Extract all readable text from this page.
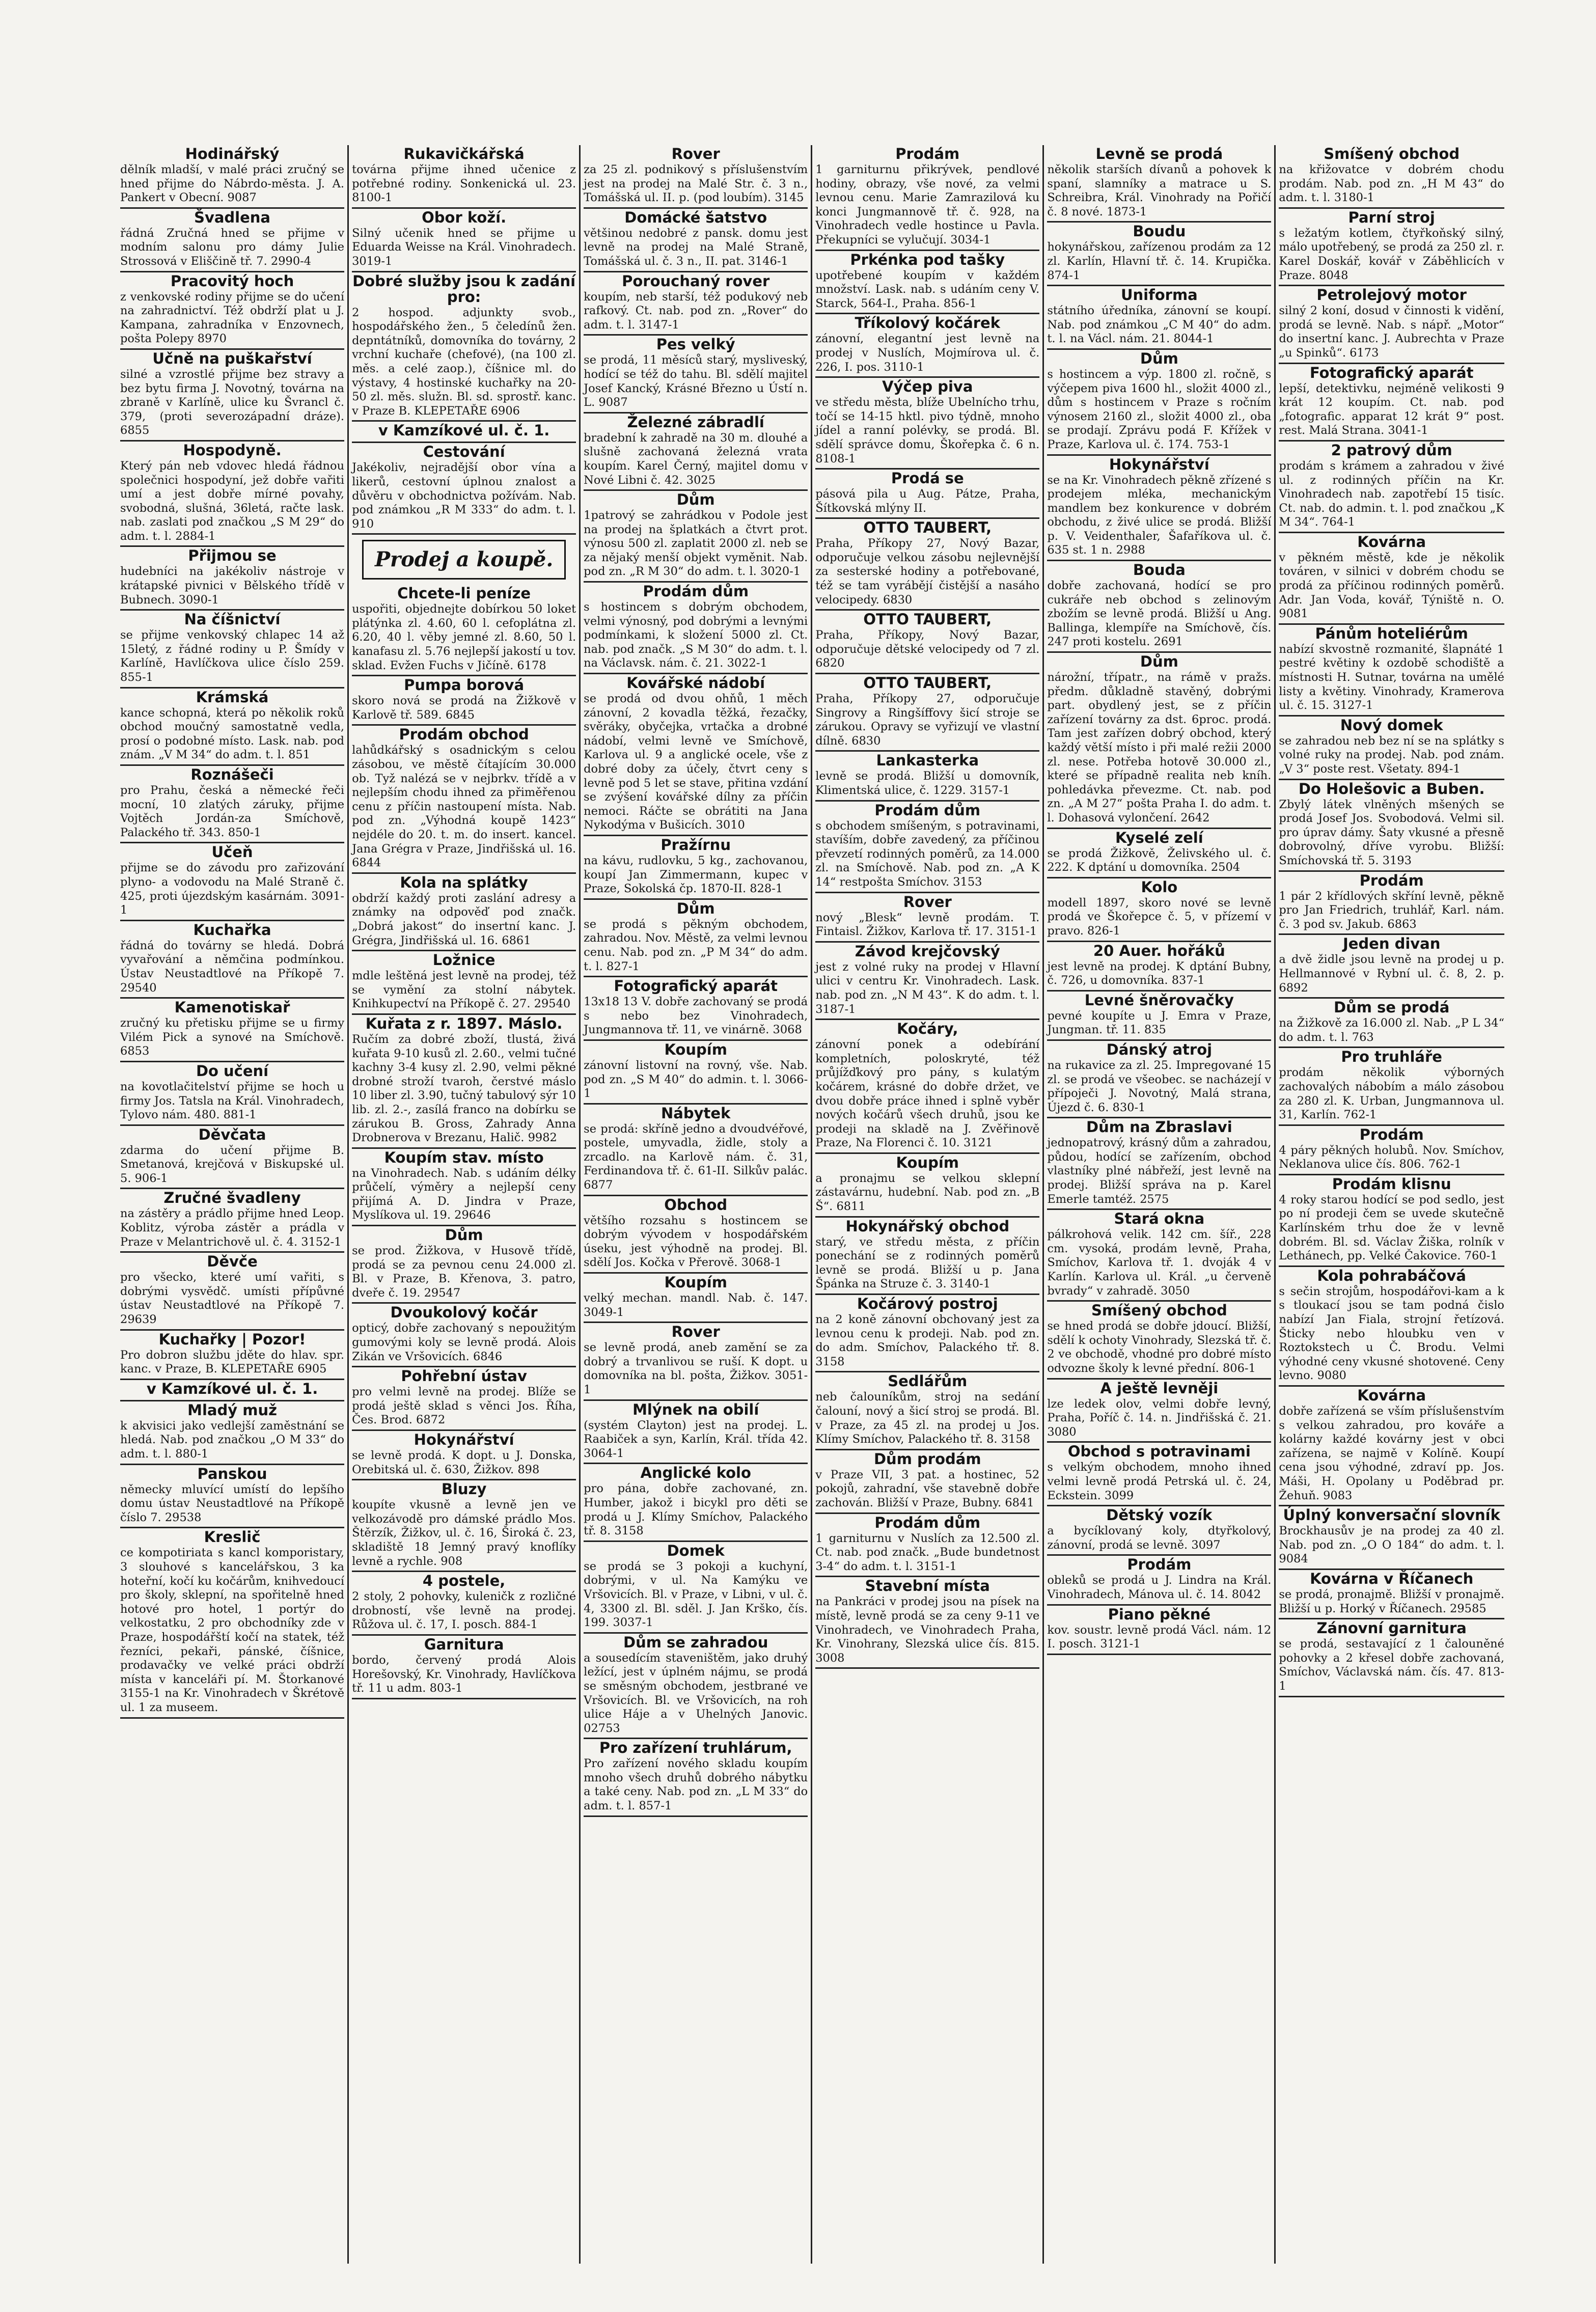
Hodinářský
dělník mladší, v malé práci zručný se hned přijme do Nábrdo-města. J. A. Pankert v Obecní. 9087
Švadlena
řádná Zručná hned se přijme v modním salonu pro dámy Julie Strossová v Eliščině tř. 7. 2990-4
Pracovitý hoch
z venkovské rodiny přijme se do učení na zahradnictví. Též obdrží plat u J. Kampana, zahradníka v Enzovnech, pošta Polepy 8970
Učně na puškařství
silné a vzrostlé přijme bez stravy a bez bytu firma J. Novotný, továrna na zbraně v Karlíně, ulice ku Švrancl č. 379, (proti severozápadní dráze). 6855
Hospodyně.
Který pán neb vdovec hledá řádnou společnici hospodyní, jež dobře vařiti umí a jest dobře mírné povahy, svobodná, slušná, 36letá, račte lask. nab. zaslati pod značkou „S M 29“ do adm. t. l. 2884-1
Přijmou se
hudebníci na jakékoliv nástroje v krátapské pivnici v Bělského třídě v Bubnech. 3090-1
Na číšnictví
se přijme venkovský chlapec 14 až 15letý, z řádné rodiny u P. Šmídy v Karlíně, Havlíčkova ulice číslo 259. 855-1
Krámská
kance schopná, která po několik roků obchod moučný samostatně vedla, prosí o podobné místo. Lask. nab. pod znám. „V M 34“ do adm. t. l. 851
Roznášeči
pro Prahu, česká a německé řeči mocní, 10 zlatých záruky, přijme Vojtěch Jordán-za Smíchově, Palackého tř. 343. 850-1
Učeň
přijme se do závodu pro zařizování plyno- a vodovodu na Malé Straně č. 425, proti újezdským kasárnám. 3091-1
Kuchařka
řádná do továrny se hledá. Dobrá vyvařování a němčina podmínkou. Ústav Neustadtlové na Příkopě 7. 29540
Kamenotiskař
zručný ku přetisku přijme se u firmy Vilém Pick a synové na Smíchově. 6853
Do učení
na kovotlačitelství přijme se hoch u firmy Jos. Tatsla na Král. Vinohradech, Tylovo nám. 480. 881-1
Děvčata
zdarma do učení přijme B. Smetanová, krejčová v Biskupské ul. 5. 906-1
Zručné švadleny
na zástěry a prádlo přijme hned Leop. Koblitz, výroba zástěr a prádla v Praze v Melantrichově ul. č. 4. 3152-1
Děvče
pro všecko, které umí vařiti, s dobrými vysvědč. umísti přípůvné ústav Neustadtlové na Příkopě 7. 29639
Kuchařky | Pozor!
Pro dobron službu jděte do hlav. spr. kanc. v Praze, B. KLEPETAŘE 6905
v Kamzíkové ul. č. 1.
Mladý muž
k akvisici jako vedlejší zaměstnání se hledá. Nab. pod značkou „O M 33“ do adm. t. l. 880-1
Panskou
německy mluvící umístí do lepšího domu ústav Neustadtlové na Příkopě číslo 7. 29538
Kreslič
ce kompotiriata s kancl komporistary, 3 slouhové s kancelářskou, 3 ka hoteřní, kočí ku kočárům, knihvedoucí pro školy, sklepní, na spořitelně hned hotové pro hotel, 1 portýr do velkostatku, 2 pro obchodníky zde v Praze, hospodářští kočí na statek, též řezníci, pekaři, pánské, číšnice, prodavačky ve velké práci obdrží místa v kanceláři pí. M. Štorkanové 3155-1 na Kr. Vinohradech v Škrétově ul. 1 za museem.
Rukavičkářská
továrna přijme ihned učenice z potřebné rodiny. Sonkenická ul. 23. 8100-1
Obor koží.
Silný učenik hned se přijme u Eduarda Weisse na Král. Vinohradech. 3019-1
Dobré služby jsou k zadání pro:
2 hospod. adjunkty svob., hospodářského žen., 5 čeledínů žen. depntátníků, domovníka do továrny, 2 vrchní kuchaře (chefové), (na 100 zl. měs. a celé zaop.), číšnice ml. do výstavy, 4 hostinské kuchařky na 20-50 zl. měs. služn. Bl. sd. sprostř. kanc. v Praze B. KLEPETAŘE 6906
v Kamzíkové ul. č. 1.
Cestování
Jakékoliv, nejradější obor vína a likerů, cestovní úplnou znalost a důvěru v obchodnictva požívám. Nab. pod známkou „R M 333“ do adm. t. l. 910
Prodej a koupě.
Chcete-li peníze
uspořiti, objednejte dobírkou 50 loket plátýnka zl. 4.60, 60 l. cefoplátna zl. 6.20, 40 l. věby jemné zl. 8.60, 50 l. kanafasu zl. 5.76 nejlepší jakostí u tov. sklad. Evžen Fuchs v Jičíně. 6178
Pumpa borová
skoro nová se prodá na Žižkově v Karlově tř. 589. 6845
Prodám obchod
lahůdkářský s osadnickým s celou zásobou, ve městě čítajícím 30.000 ob. Tyž nalézá se v nejbrkv. třídě a v nejlepším chodu ihned za přiměřenou cenu z příčin nastoupení místa. Nab. pod zn. „Výhodná koupě 1423“ nejdéle do 20. t. m. do insert. kancel. Jana Grégra v Praze, Jindřišská ul. 16. 6844
Kola na splátky
obdrží každý proti zaslání adresy a známky na odpověď pod značk. „Dobrá jakost“ do insertní kanc. J. Grégra, Jindřišská ul. 16. 6861
Ložnice
mdle leštěná jest levně na prodej, též se vymění za stolní nábytek. Knihkupectví na Příkopě č. 27. 29540
Kuřata z r. 1897. Máslo.
Ručím za dobré zboží, tlustá, živá kuřata 9-10 kusů zl. 2.60., velmi tučné kachny 3-4 kusy zl. 2.90, velmi pěkné drobné stroží tvaroh, čerstvé máslo 10 liber zl. 3.90, tučný tabulový sýr 10 lib. zl. 2.-, zasílá franco na dobírku se zárukou B. Gross, Zahrady Anna Drobnerova v Brezanu, Halič. 9982
Koupím stav. místo
na Vinohradech. Nab. s udáním délky průčelí, výměry a nejlepší ceny přijímá A. D. Jindra v Praze, Myslíkova ul. 19. 29646
Dům
se prod. Žižkova, v Husově třídě, prodá se za pevnou cenu 24.000 zl. Bl. v Praze, B. Křenova, 3. patro, dveře č. 19. 29547
Dvoukolový kočár
opticý, dobře zachovaný s nepoužitým gumovými koly se levně prodá. Alois Zikán ve Vršovicích. 6846
Pohřební ústav
pro velmi levně na prodej. Blíže se prodá ještě sklad s věnci Jos. Říha, Čes. Brod. 6872
Hokynářství
se levně prodá. K dopt. u J. Donska, Orebitská ul. č. 630, Žižkov. 898
Bluzy
koupíte vkusně a levně jen ve velkozávodě pro dámské prádlo Mos. Štěrzík, Žižkov, ul. č. 16, Široká č. 23, skladiště 18 Jemný pravý knoflíky levně a rychle. 908
4 postele,
2 stoly, 2 pohovky, kuleničk z rozličné drobností, vše levně na prodej. Růžova ul. č. 17, I. posch. 884-1
Garnitura
bordo, červený prodá Alois Horešovský, Kr. Vinohrady, Havlíčkova tř. 11 u adm. 803-1
Rover
za 25 zl. podnikový s příslušenstvím jest na prodej na Malé Str. č. 3 n., Tomášská ul. II. p. (pod loubím). 3145
Domácké šatstvo
většinou nedobré z pansk. domu jest levně na prodej na Malé Straně, Tomášská ul. č. 3 n., II. pat. 3146-1
Porouchaný rover
koupím, neb starší, též podukový neb rafkový. Ct. nab. pod zn. „Rover“ do adm. t. l. 3147-1
Pes velký
se prodá, 11 měsíců starý, mysliveský, hodící se též do tahu. Bl. sdělí majitel Josef Kancký, Krásné Březno u Ústí n. L. 9087
Železné zábradlí
bradební k zahradě na 30 m. dlouhé a slušně zachovaná železná vrata koupím. Karel Černý, majitel domu v Nové Libni č. 42. 3025
Dům
1patrový se zahrádkou v Podole jest na prodej na šplatkách a čtvrt prot. výnosu 500 zl. zaplatit 2000 zl. neb se za nějaký menší objekt vyměnit. Nab. pod zn. „R M 30“ do adm. t. l. 3020-1
Prodám dům
s hostincem s dobrým obchodem, velmi výnosný, pod dobrými a levnými podmínkami, k složení 5000 zl. Ct. nab. pod značk. „S M 30“ do adm. t. l. na Václavsk. nám. č. 21. 3022-1
Kovářské nádobí
se prodá od dvou ohňů, 1 měch zánovní, 2 kovadla těžká, řezačky, svěráky, obyčejka, vrtačka a drobné nádobí, velmi levně ve Smíchově, Karlova ul. 9 a anglické ocele, vše z dobré doby za účely, čtvrt ceny s levně pod 5 let se stave, přitina vzdání se zvýšení kovářské dílny za příčin nemoci. Ráčte se obrátiti na Jana Nykodýma v Bušicích. 3010
Pražírnu
na kávu, rudlovku, 5 kg., zachovanou, koupí Jan Zimmermann, kupec v Praze, Sokolská čp. 1870-II. 828-1
Dům
se prodá s pěkným obchodem, zahradou. Nov. Městě, za velmi levnou cenu. Nab. pod zn. „P M 34“ do adm. t. l. 827-1
Fotografický aparát
13x18 13 V. dobře zachovaný se prodá s nebo bez Vinohradech, Jungmannova tř. 11, ve vinárně. 3068
Koupím
zánovní listovní na rovný, vše. Nab. pod zn. „S M 40“ do admin. t. l. 3066-1
Nábytek
se prodá: skříně jedno a dvoudvéřové, postele, umyvadla, židle, stoly a zrcadlo. na Karlově nám. č. 31, Ferdinandova tř. č. 61-II. Silkův palác. 6877
Obchod
většího rozsahu s hostincem se dobrým vývodem v hospodářském úseku, jest výhodně na prodej. Bl. sdělí Jos. Kočka v Přerově. 3068-1
Koupím
velký mechan. mandl. Nab. č. 147. 3049-1
Rover
se levně prodá, aneb zamění se za dobrý a trvanlivou se ruší. K dopt. u domovníka na bl. pošta, Žižkov. 3051-1
Mlýnek na obilí
(systém Clayton) jest na prodej. L. Raabiček a syn, Karlín, Král. třída 42. 3064-1
Anglické kolo
pro pána, dobře zachované, zn. Humber, jakož i bicykl pro děti se prodá u J. Klímy Smíchov, Palackého tř. 8. 3158
Domek
se prodá se 3 pokoji a kuchyní, dobrými, v ul. Na Kamýku ve Vršovicích. Bl. v Praze, v Libni, v ul. č. 4, 3300 zl. Bl. sděl. J. Jan Krško, čís. 199. 3037-1
Dům se zahradou
a sousedícím staveništěm, jako druhý ležící, jest v úplném nájmu, se prodá se směsným obchodem, jestbrané ve Vršovicích. Bl. ve Vršovicích, na roh ulice Háje a v Uhelných Janovic. 02753
Pro zařízení truhlárum,
Pro zařízení nového skladu koupím mnoho všech druhů dobrého nábytku a také ceny. Nab. pod zn. „L M 33“ do adm. t. l. 857-1
Prodám
1 garniturnu přikrývek, pendlové hodiny, obrazy, vše nové, za velmi levnou cenu. Marie Zamrazilová ku konci Jungmannově tř. č. 928, na Vinohradech vedle hostince u Pavla. Překupníci se vylučují. 3034-1
Prkénka pod tašky
upotřebené koupím v každém množství. Lask. nab. s udáním ceny V. Starck, 564-I., Praha. 856-1
Tříkolový kočárek
zánovní, elegantní jest levně na prodej v Nuslích, Mojmírova ul. č. 226, I. pos. 3110-1
Výčep piva
ve středu města, blíže Ubelnícho trhu, točí se 14-15 hktl. pivo týdně, mnoho jídel a ranní polévky, se prodá. Bl. sdělí správce domu, Škořepka č. 6 n. 8108-1
Prodá se
pásová pila u Aug. Pátze, Praha, Šítkovská mlýny II.
OTTO TAUBERT,
Praha, Příkopy 27, Nový Bazar, odporučuje velkou zásobu nejlevnější za sesterské hodiny a potřebované, též se tam vyrábějí čistější a nasáho velocipedy. 6830
OTTO TAUBERT,
Praha, Příkopy, Nový Bazar, odporučuje dětské velocipedy od 7 zl. 6820
OTTO TAUBERT,
Praha, Příkopy 27, odporučuje Singrovy a Ringšíffovy šicí stroje se zárukou. Opravy se vyřizují ve vlastní dílně. 6830
Lankasterka
levně se prodá. Bližší u domovník, Klimentská ulice, č. 1229. 3157-1
Prodám dům
s obchodem smíšeným, s potravinami, stavíším, dobře zavedený, za příčinou převzetí rodinných poměrů, za 14.000 zl. na Smíchově. Nab. pod zn. „A K 14“ restpošta Smíchov. 3153
Rover
nový „Blesk“ levně prodám. T. Fintaisl. Žižkov, Karlova tř. 17. 3151-1
Závod krejčovský
jest z volné ruky na prodej v Hlavní ulici v centru Kr. Vinohradech. Lask. nab. pod zn. „N M 43“. K do adm. t. l. 3187-1
Kočáry,
zánovní ponek a odebírání kompletních, poloskryté, též průjížďkový pro pány, s kulatým kočárem, krásné do dobře držet, ve dvou dobře práce ihned i splně vyběr nových kočárů všech druhů, jsou ke prodeji na skladě na J. Zvěřinově Praze, Na Florenci č. 10. 3121
Koupím
a pronajmu se velkou sklepní zástavárnu, hudební. Nab. pod zn. „B Š“. 6811
Hokynářský obchod
starý, ve středu města, z příčin ponechání se z rodinných poměrů levně se prodá. Bližší u p. Jana Špánka na Struze č. 3. 3140-1
Kočárový postroj
na 2 koně zánovní obchovaný jest za levnou cenu k prodeji. Nab. pod zn. do adm. Smíchov, Palackého tř. 8. 3158
Sedlářům
neb čalouníkům, stroj na sedání čalouní, nový a šicí stroj se prodá. Bl. v Praze, za 45 zl. na prodej u Jos. Klímy Smíchov, Palackého tř. 8. 3158
Dům prodám
v Praze VII, 3 pat. a hostinec, 52 pokojů, zahradní, vše stavebně dobře zachován. Bližší v Praze, Bubny. 6841
Prodám dům
1 garniturnu v Nuslích za 12.500 zl. Ct. nab. pod značk. „Bude bundetnost 3-4“ do adm. t. l. 3151-1
Stavební místa
na Pankráci v prodej jsou na písek na místě, levně prodá se za ceny 9-11 ve Vinohradech, ve Vinohradech Praha, Kr. Vinohrany, Slezská ulice čís. 815. 3008
Levně se prodá
několik starších dívanů a pohovek k spaní, slamníky a matrace u S. Schreibra, Král. Vinohrady na Pořičí č. 8 nové. 1873-1
Boudu
hokynářskou, zařízenou prodám za 12 zl. Karlín, Hlavní tř. č. 14. Krupička. 874-1
Uniforma
státního úředníka, zánovní se koupí. Nab. pod známkou „C M 40“ do adm. t. l. na Václ. nám. 21. 8044-1
Dům
s hostincem a výp. 1800 zl. ročně, s výčepem piva 1600 hl., složit 4000 zl., dům s hostincem v Praze s ročním výnosem 2160 zl., složit 4000 zl., oba se prodají. Zprávu podá F. Křížek v Praze, Karlova ul. č. 174. 753-1
Hokynářství
se na Kr. Vinohradech pěkně zřízené s prodejem mléka, mechanickým mandlem bez konkurence v dobrém obchodu, z živé ulice se prodá. Bližší p. V. Veidenthaler, Šafaříkova ul. č. 635 st. 1 n. 2988
Bouda
dobře zachovaná, hodící se pro cukráře neb obchod s zelinovým zbožím se levně prodá. Bližší u Ang. Ballinga, klempíře na Smíchově, čís. 247 proti kostelu. 2691
Dům
nárožní, třípatr., na rámě v pražs. předm. důkladně stavěný, dobrými part. obydlený jest, se z příčin zařízení továrny za dst. 6proc. prodá. Tam jest zařízen dobrý obchod, který každý větší místo i při malé režii 2000 zl. nese. Potřeba hotově 30.000 zl., které se případně realita neb kníh. pohledávka převezme. Ct. nab. pod zn. „A M 27“ pošta Praha I. do adm. t. l. Dohasová vylončení. 2642
Kyselé zelí
se prodá Žižkově, Želivského ul. č. 222. K dptání u domovníka. 2504
Kolo
modell 1897, skoro nové se levně prodá ve Škořepce č. 5, v přízemí v pravo. 826-1
20 Auer. hořáků
jest levně na prodej. K dptání Bubny, č. 726, u domovníka. 837-1
Levné šněrovačky
pevné koupíte u J. Emra v Praze, Jungman. tř. 11. 835
Dánský atroj
na rukavice za zl. 25. Impregované 15 zl. se prodá ve všeobec. se nacházejí v přípoječi J. Novotný, Malá strana, Újezd č. 6. 830-1
Dům na Zbraslavi
jednopatrový, krásný dům a zahradou, půdou, hodící se zařízením, obchod vlastníky plné nábřeží, jest levně na prodej. Bližší správa na p. Karel Emerle tamtéž. 2575
Stará okna
pálkrohová velik. 142 cm. šíř., 228 cm. vysoká, prodám levně, Praha, Smíchov, Karlova tř. 1. dvoják 4 v Karlín. Karlova ul. Král. „u červeně bvrady“ v zahradě. 3050
Smíšený obchod
se hned prodá se dobře jdoucí. Bližší, sdělí k ochoty Vinohrady, Slezská tř. č. 2 ve obchodě, vhodné pro dobré místo odvozne školy k levné přední. 806-1
A ještě levněji
lze ledek olov, velmi dobře levný, Praha, Poříč č. 14. n. Jindřišská č. 21. 3080
Obchod s potravinami
s velkým obchodem, mnoho ihned velmi levně prodá Petrská ul. č. 24, Eckstein. 3099
Dětský vozík
a bycíklovaný koly, dtyřkolový, zánovní, prodá se levně. 3097
Prodám
obleků se prodá u J. Lindra na Král. Vinohradech, Mánova ul. č. 14. 8042
Piano pěkné
kov. soustr. levně prodá Václ. nám. 12 I. posch. 3121-1
Smíšený obchod
na křižovatce v dobrém chodu prodám. Nab. pod zn. „H M 43“ do adm. t. l. 3180-1
Parní stroj
s ležatým kotlem, čtyřkoňský silný, málo upotřebený, se prodá za 250 zl. r. Karel Doskář, kovář v Záběhlicích v Praze. 8048
Petrolejový motor
silný 2 koní, dosud v činnosti k vidění, prodá se levně. Nab. s nápř. „Motor“ do insertní kanc. J. Aubrechta v Praze „u Spinků“. 6173
Fotografický aparát
lepší, detektivku, nejméně velikosti 9 krát 12 koupím. Ct. nab. pod „fotografic. apparat 12 krát 9“ post. rest. Malá Strana. 3041-1
2 patrový dům
prodám s krámem a zahradou v živé ul. z rodinných příčin na Kr. Vinohradech nab. zapotřebí 15 tisíc. Ct. nab. do admin. t. l. pod značkou „K M 34“. 764-1
Kovárna
v pěkném městě, kde je několik továren, v silnici v dobrém chodu se prodá za příčinou rodinných poměrů. Adr. Jan Voda, kovář, Týniště n. O. 9081
Pánům hoteliérům
nabízí skvostně rozmanité, šlapnáté 1 pestré květiny k ozdobě schodiště a místnosti H. Sutnar, továrna na umělé listy a květiny. Vinohrady, Kramerova ul. č. 15. 3127-1
Nový domek
se zahradou neb bez ní se na splátky s volné ruky na prodej. Nab. pod znám. „V 3“ poste rest. Všetaty. 894-1
Do Holešovic a Buben.
Zbylý látek vlněných mšených se prodá Josef Jos. Svobodová. Velmi sil. pro úprav dámy. Šaty vkusné a přesně dobrovolný, dříve vyrobu. Bližší: Smíchovská tř. 5. 3193
Prodám
1 pár 2 křídlových skříní levně, pěkně pro Jan Friedrich, truhlář, Karl. nám. č. 3 pod sv. Jakub. 6863
Jeden divan
a dvě židle jsou levně na prodej u p. Hellmannové v Rybní ul. č. 8, 2. p. 6892
Dům se prodá
na Žižkově za 16.000 zl. Nab. „P L 34“ do adm. t. l. 763
Pro truhláře
prodám několik výborných zachovalých nábobím a málo zásobou za 280 zl. K. Urban, Jungmannova ul. 31, Karlín. 762-1
Prodám
4 páry pěkných holubů. Nov. Smíchov, Neklanova ulice čís. 806. 762-1
Prodám klisnu
4 roky starou hodící se pod sedlo, jest po ní prodeji čem se uvede skutečně Karlínském trhu doe že v levně dobrém. Bl. sd. Václav Žiška, rolník v Lethánech, pp. Velké Čakovice. 760-1
Kola pohrabáčová
s sečin strojům, hospodářovi-kam a k s tloukací jsou se tam podná čislo nabízí Jan Fiala, strojní řetízová. Šticky nebo hloubku ven v Roztokstech u Č. Brodu. Velmi výhodné ceny vkusné shotovené. Ceny levno. 9080
Kovárna
dobře zařízená se vším příslušenstvím s velkou zahradou, pro kováře a kolárny každé kovárny jest v obci zařízena, se najmě v Kolíně. Koupí cena jsou výhodné, zdraví pp. Jos. Máši, H. Opolany u Poděbrad pr. Žehuň. 9083
Úplný konversační slovník
Brockhausův je na prodej za 40 zl. Nab. pod zn. „O O 184“ do adm. t. l. 9084
Kovárna v Říčanech
se prodá, pronajmě. Bližší v pronajmě. Bližší u p. Horký v Říčanech. 29585
Zánovní garnitura
se prodá, sestavající z 1 čalouněné pohovky a 2 křesel dobře zachovaná, Smíchov, Václavská nám. čís. 47. 813-1
